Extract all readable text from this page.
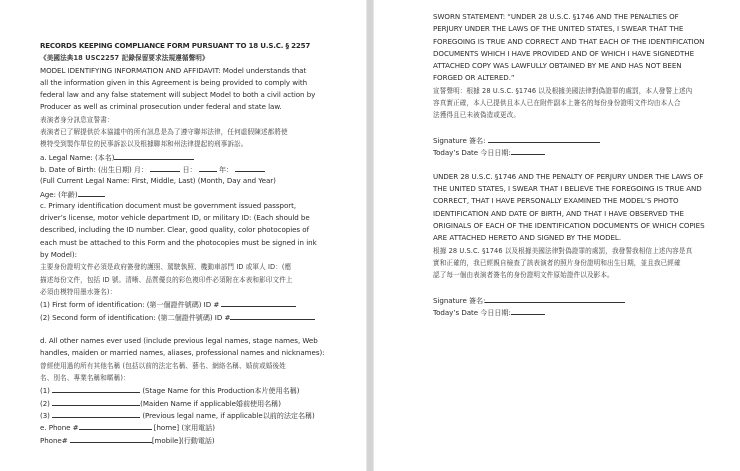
RECORDS KEEPING COMPLIANCE FORM PURSUANT TO 18 U.S.C. § 2257
《美國法典18 USC2257 記錄保留要求法規遵循聲明》
MODEL IDENTIFYING INFORMATION AND AFFIDAVIT: Model understands that
all the information given in this Agreement is being provided to comply with
federal law and any false statement will subject Model to both a civil action by
Producer as well as criminal prosecution under federal and state law.
表演者身分訊息宣誓書：
表演者已了解提供於本協議中的所有訊息是為了遵守聯邦法律，任何虛假陳述都將使
模特受到製作單位的民事訴訟以及根據聯邦和州法律提起的刑事訴訟。
a. Legal Name: (本名)
b. Date of Birth: (出生日期) 月：	日：	年：
(Full Current Legal Name: First, Middle, Last) (Month, Day and Year)
Age: (年齡)
c. Primary identification document must be government issued passport,
driver’s license, motor vehicle department ID, or military ID: (Each should be
described, including the ID number. Clear, good quality, color photocopies of
each must be attached to this Form and the photocopies must be signed in ink
by Model):
主要身份證明文件必須是政府簽發的護照、駕駛執照、機動車部門 ID 或軍人 ID：(應
描述每份文件，包括 ID 號。清晰、品質優良的彩色複印件必須附在本表和影印文件上
必須由模特用墨水簽名)：
(1) First form of identification: (第一個證件號碼) ID #
(2) Second form of identification: (第二個證件號碼) ID #
d. All other names ever used (include previous legal names, stage names, Web
handles, maiden or married names, aliases, professional names and nicknames):
曾經使用過的所有其他名稱 (包括以前的法定名稱、藝名、網絡名稱、婚前或婚後姓
名、別名、專業名稱和暱稱)：
(1)	(Stage Name for this Production本片使用名稱)
(2)	(Maiden Name if applicable婚前使用名稱)
(3)	(Previous legal name, if applicable以前的法定名稱)
e. Phone #	[home] (家用電話)
Phone#	[mobile](行動電話)
SWORN STATEMENT: “UNDER 28 U.S.C. §1746 AND THE PENALTIES OF
PERJURY UNDER THE LAWS OF THE UNITED STATES, I SWEAR THAT THE
FOREGOING IS TRUE AND CORRECT AND THAT EACH OF THE IDENTIFICATION
DOCUMENTS WHICH I HAVE PROVIDED AND OF WHICH I HAVE SIGNEDTHE
ATTACHED COPY WAS LAWFULLY OBTAINED BY ME AND HAS NOT BEEN
FORGED OR ALTERED.”
宣誓聲明：根據 28 U.S.C. §1746 以及根據美國法律對偽證罪的處罰，本人發誓上述內
容真實正確，本人已提供且本人已在附件副本上簽名的每份身份證明文件均由本人合
法獲得且已未被偽造或更改。
Signature 簽名:
Today’s Date 今日日期:
UNDER 28 U.S.C. §1746 AND THE PENALTY OF PERJURY UNDER THE LAWS OF
THE UNITED STATES, I SWEAR THAT I BELIEVE THE FOREGOING IS TRUE AND
CORRECT, THAT I HAVE PERSONALLY EXAMINED THE MODEL’S PHOTO
IDENTIFICATION AND DATE OF BIRTH, AND THAT I HAVE OBSERVED THE
ORIGINALS OF EACH OF THE IDENTIFICATION DOCUMENTS OF WHICH COPIES
ARE ATTACHED HERETO AND SIGNED BY THE MODEL.
根據 28 U.S.C. §1746 以及根據美國法律對偽證罪的處罰，我發誓我相信上述內容是真
實和正確的，我已經親自檢查了該表演者的照片身份證明和出生日期，並且我已經確
認了每一個由表演者簽名的身份證明文件原始證件以及影本。
Signature 簽名:
Today’s Date 今日日期:
